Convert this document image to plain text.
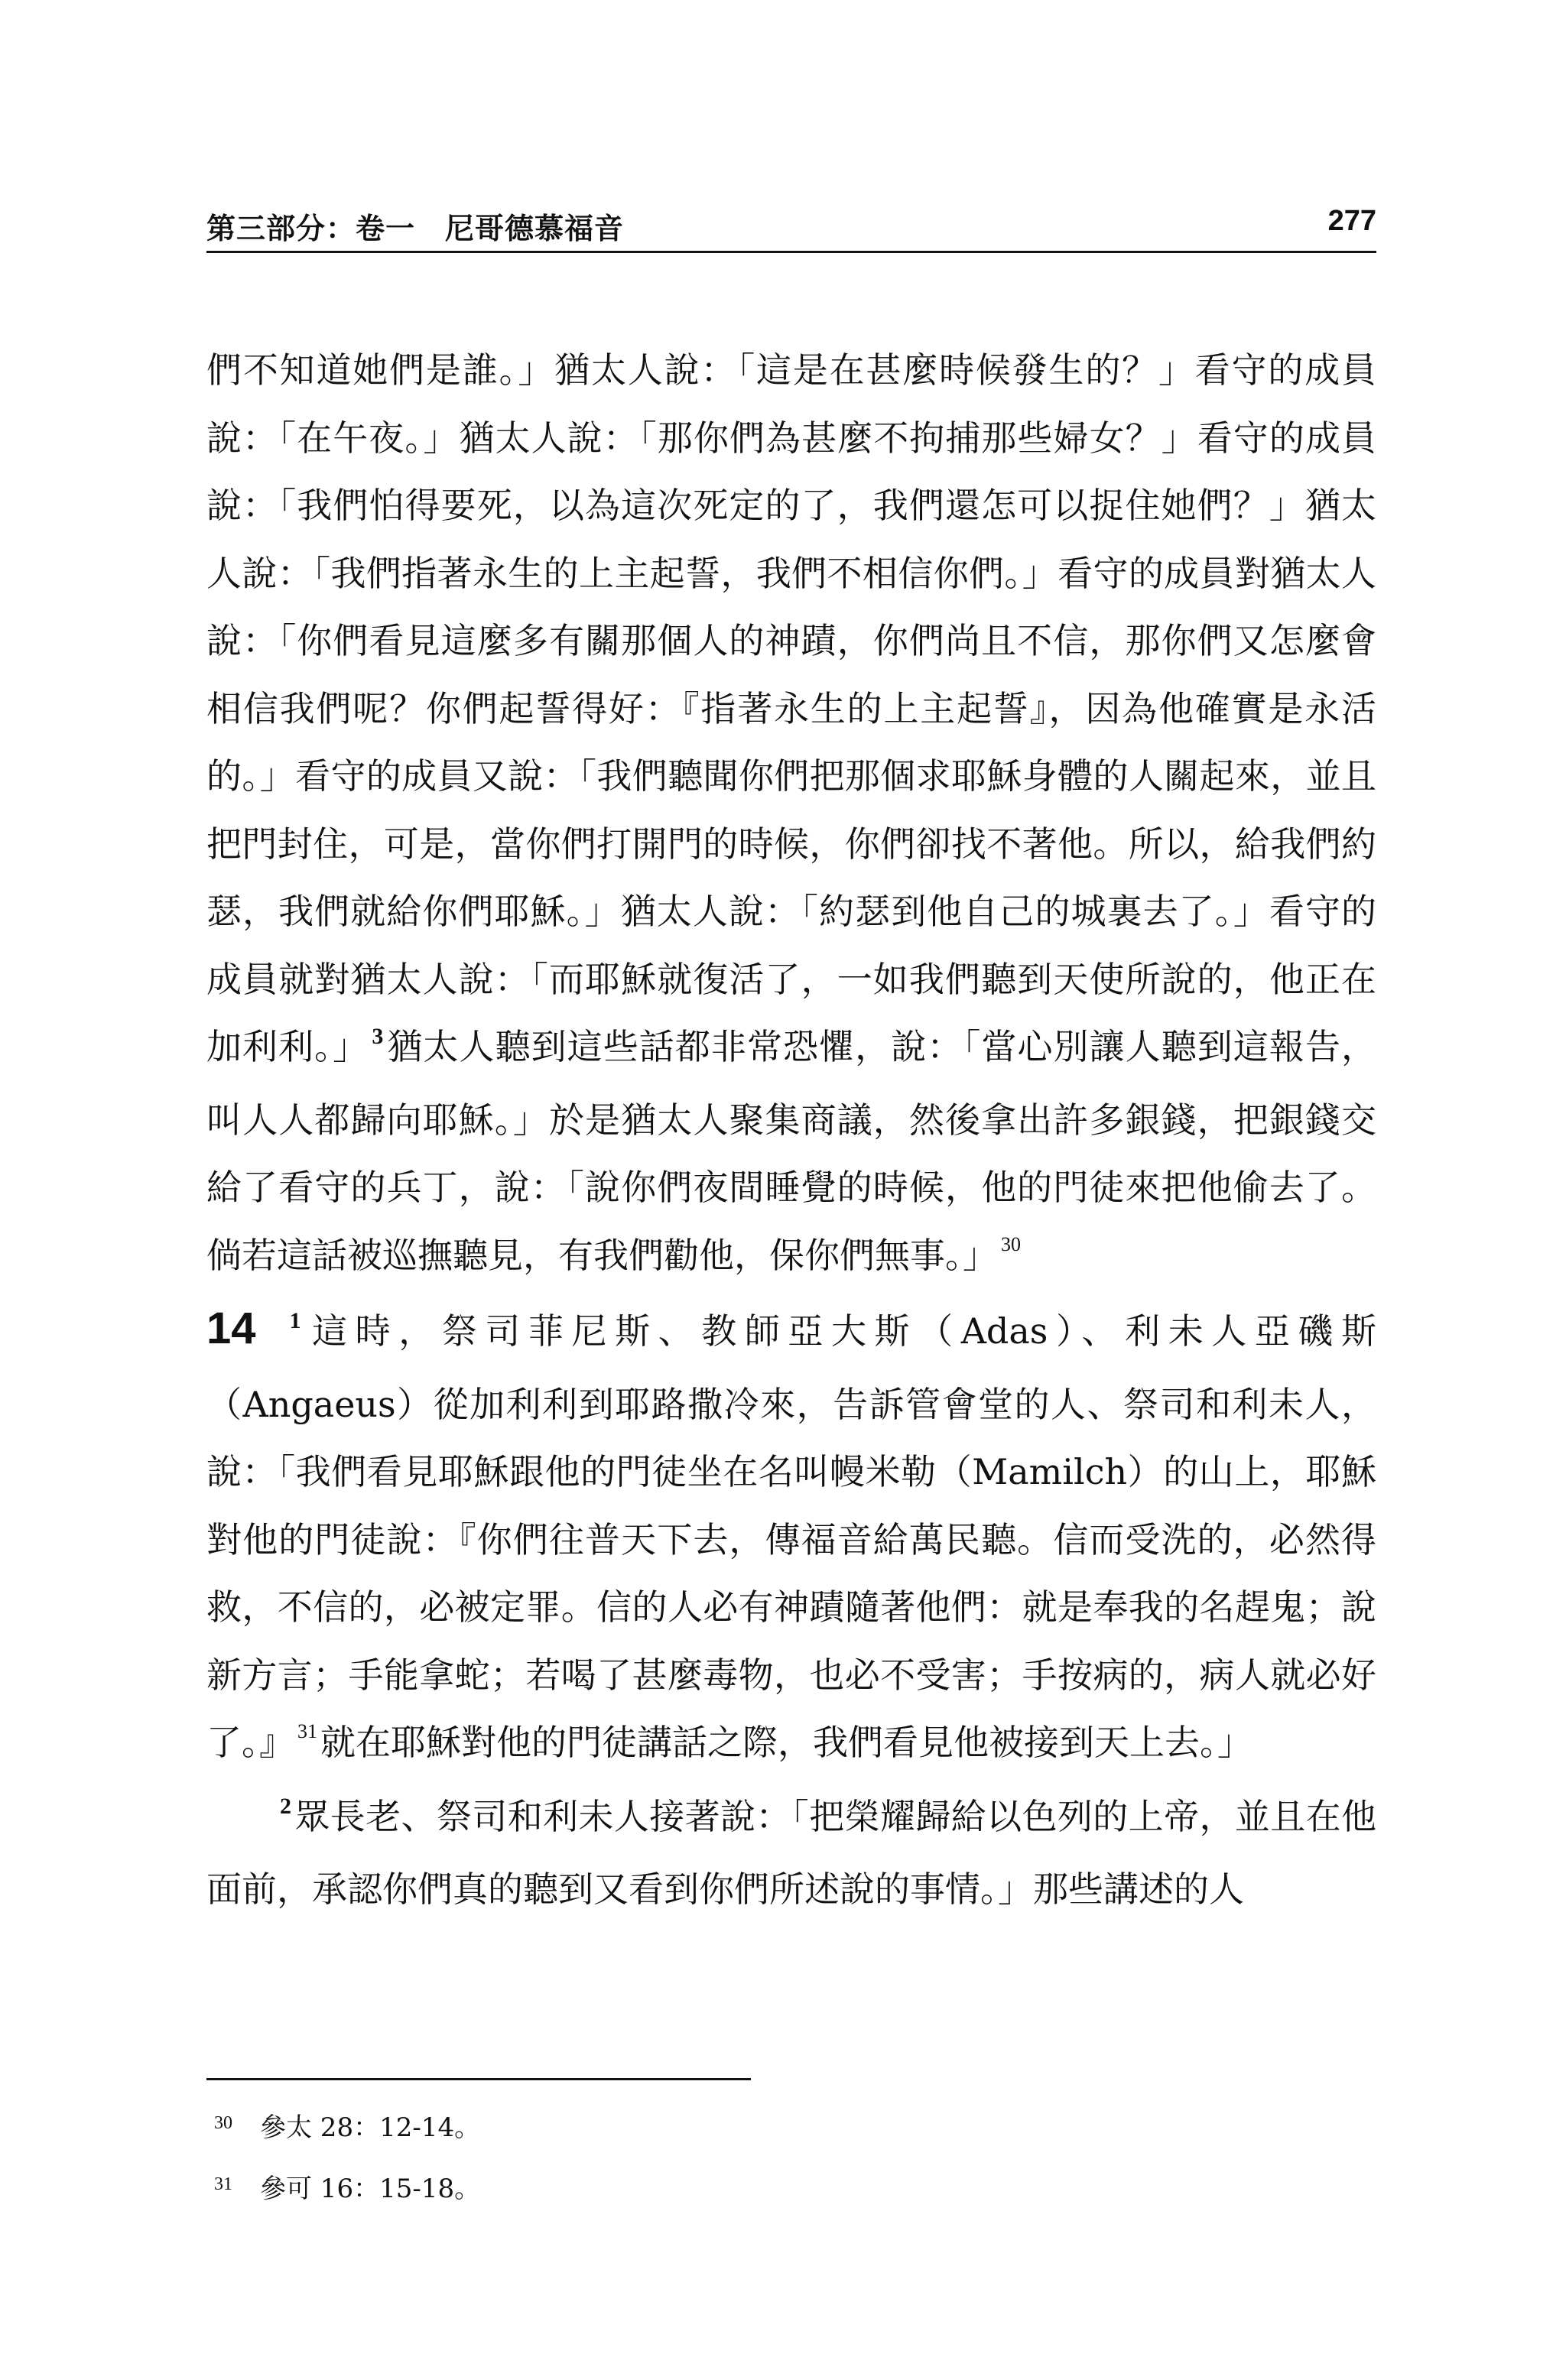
第三部分：卷一　尼哥德慕福音	277

們不知道她們是誰。」猶太人說：「這是在甚麼時候發生的？」看守的成員說：「在午夜。」猶太人說：「那你們為甚麼不拘捕那些婦女？」看守的成員說：「我們怕得要死，以為這次死定的了，我們還怎可以捉住她們？」猶太人說：「我們指著永生的上主起誓，我們不相信你們。」看守的成員對猶太人說：「你們看見這麼多有關那個人的神蹟，你們尚且不信，那你們又怎麼會相信我們呢？你們起誓得好：『指著永生的上主起誓』，因為他確實是永活的。」看守的成員又說：「我們聽聞你們把那個求耶穌身體的人關起來，並且把門封住，可是，當你們打開門的時候，你們卻找不著他。所以，給我們約瑟，我們就給你們耶穌。」猶太人說：「約瑟到他自己的城裏去了。」看守的成員就對猶太人說：「而耶穌就復活了，一如我們聽到天使所說的，他正在加利利。」 $^3$猶太人聽到這些話都非常恐懼，說：「當心別讓人聽到這報告，叫人人都歸向耶穌。」於是猶太人聚集商議，然後拿出許多銀錢，把銀錢交給了看守的兵丁，說：「說你們夜間睡覺的時候，他的門徒來把他偷去了。倘若這話被巡撫聽見，有我們勸他，保你們無事。」 $^{30}$

14 $^1$這時，祭司菲尼斯、教師亞大斯（Adas）、利未人亞磯斯（Angaeus）從加利利到耶路撒冷來，告訴管會堂的人、祭司和利未人，說：「我們看見耶穌跟他的門徒坐在名叫幔米勒（Mamilch）的山上，耶穌對他的門徒說：『你們往普天下去，傳福音給萬民聽。信而受洗的，必然得救，不信的，必被定罪。信的人必有神蹟隨著他們：就是奉我的名趕鬼；說新方言；手能拿蛇；若喝了甚麼毒物，也必不受害；手按病的，病人就必好了。』 $^{31}$就在耶穌對他的門徒講話之際，我們看見他被接到天上去。」

$^2$眾長老、祭司和利未人接著說：「把榮耀歸給以色列的上帝，並且在他面前，承認你們真的聽到又看到你們所述說的事情。」那些講述的人

30 參太 28：12-14。
31 參可 16：15-18。
